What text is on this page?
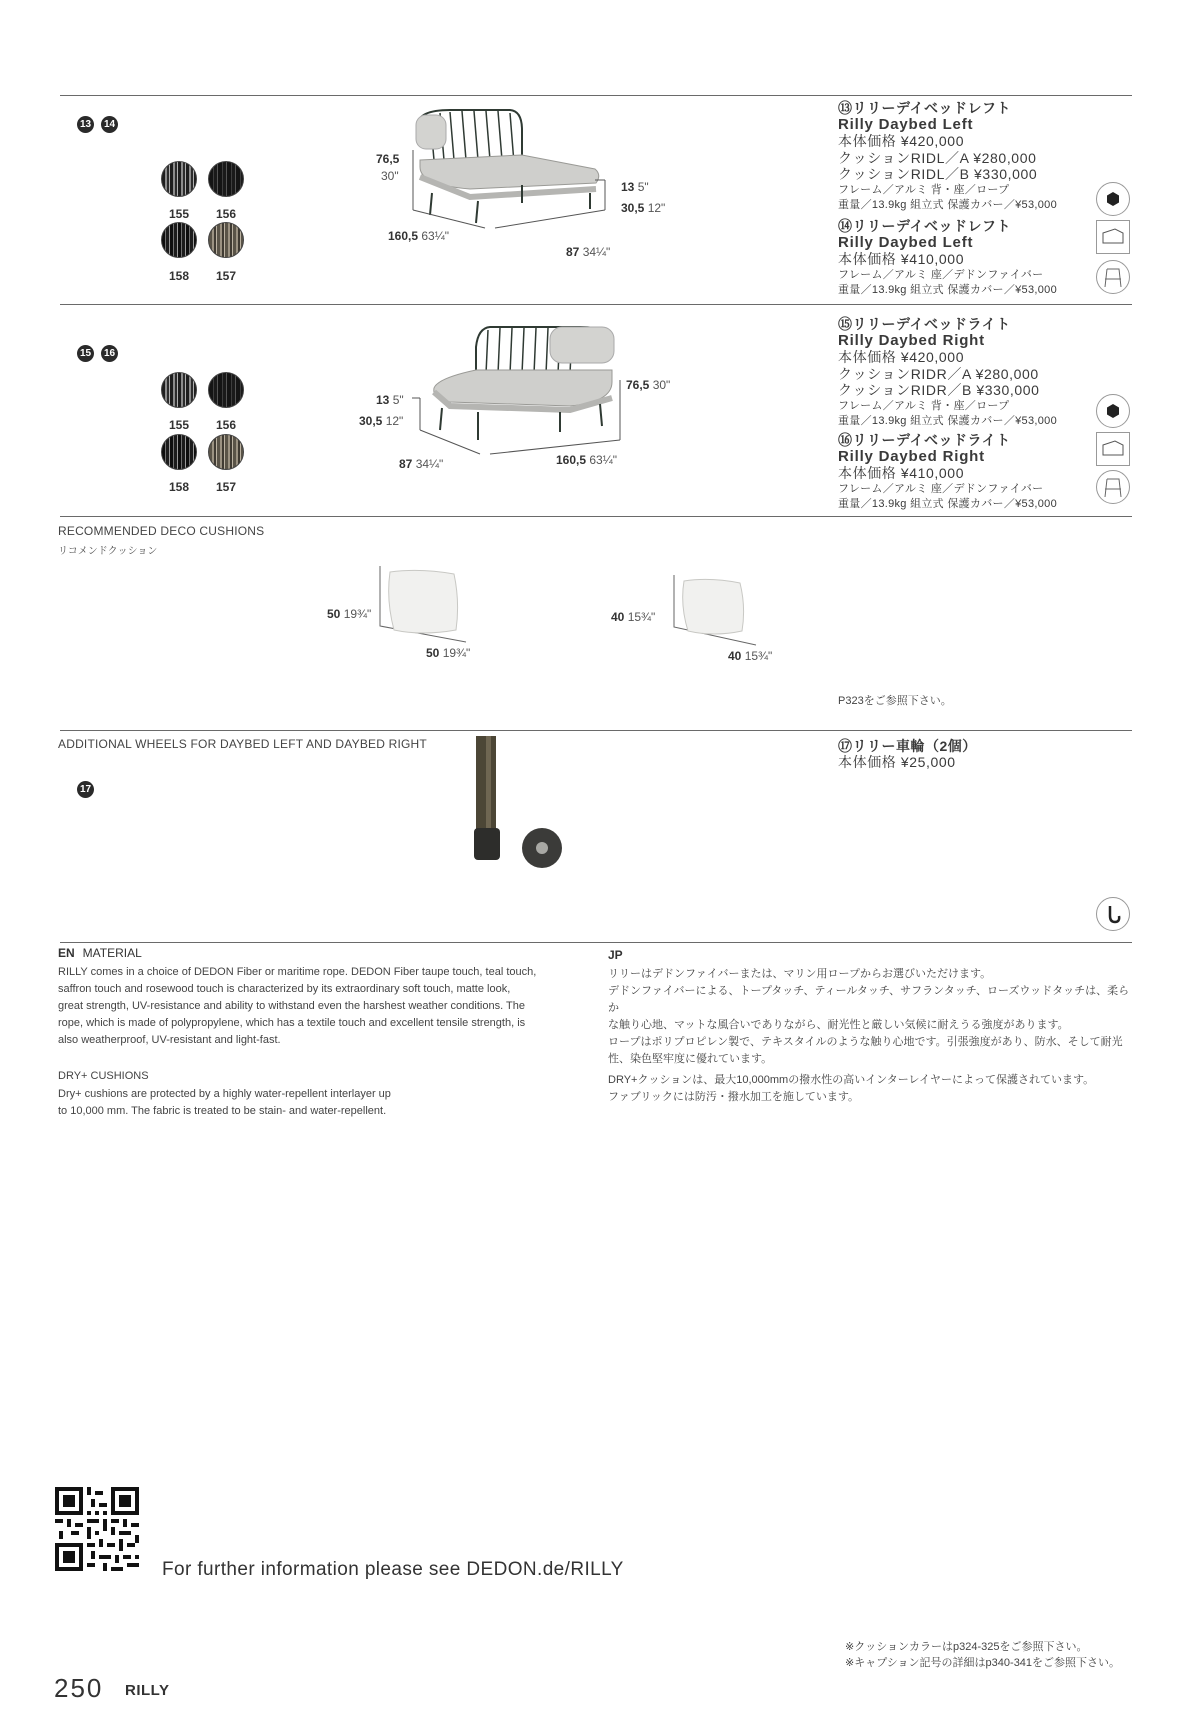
13 14
155	156
158	157
76,5
30"
13 5"
30,5 12"
160,5 63¼"
87 34¼"
⑬リリーデイベッドレフト
Rilly Daybed Left
本体価格 ¥420,000
クッションRIDL／A ¥280,000
クッションRIDL／B ¥330,000
フレーム／アルミ 背・座／ロープ
重量／13.9kg 組立式 保護カバー／¥53,000
⑭リリーデイベッドレフト
Rilly Daybed Left
本体価格 ¥410,000
フレーム／アルミ 座／デドンファイバー
重量／13.9kg 組立式 保護カバー／¥53,000
15 16
155	156
158	157
76,5 30"
13 5"
30,5 12"
87 34¼"	160,5 63¼"
⑮リリーデイベッドライト
Rilly Daybed Right
本体価格 ¥420,000
クッションRIDR／A ¥280,000
クッションRIDR／B ¥330,000
フレーム／アルミ 背・座／ロープ
重量／13.9kg 組立式 保護カバー／¥53,000
⑯リリーデイベッドライト
Rilly Daybed Right
本体価格 ¥410,000
フレーム／アルミ 座／デドンファイバー
重量／13.9kg 組立式 保護カバー／¥53,000
RECOMMENDED DECO CUSHIONS
リコメンドクッション
50 19¾"
50 19¾"
40 15¾"
40 15¾"
P323をご参照下さい。
ADDITIONAL WHEELS FOR DAYBED LEFT AND DAYBED RIGHT
17
⑰リリー車輪（2個）
本体価格 ¥25,000
EN MATERIAL

RILLY comes in a choice of DEDON Fiber or maritime rope. DEDON Fiber taupe touch, teal touch,

saffron touch and rosewood touch is characterized by its extraordinary soft touch, matte look,

great strength, UV-resistance and ability to withstand even the harshest weather conditions. The

rope, which is made of polypropylene, which has a textile touch and excellent tensile strength, is

also weatherproof, UV-resistant and light-fast.

DRY+ CUSHIONS

Dry+ cushions are protected by a highly water-repellent interlayer up

to 10,000 mm. The fabric is treated to be stain- and water-repellent.

JP

リリーはデドンファイバーまたは、マリン用ロープからお選びいただけます。

デドンファイバーによる、トープタッチ、ティールタッチ、サフランタッチ、ローズウッドタッチは、柔らか

な触り心地、マットな風合いでありながら、耐光性と厳しい気候に耐えうる強度があります。

ロープはポリプロピレン製で、テキスタイルのような触り心地です。引張強度があり、防水、そして耐光

性、染色堅牢度に優れています。

DRY+クッションは、最大10,000mmの撥水性の高いインターレイヤーによって保護されています。

ファブリックには防汚・撥水加工を施しています。

For further information please see DEDON.de/RILLY
※クッションカラーはp324-325をご参照下さい。
※キャプション記号の詳細はp340-341をご参照下さい。
250 RILLY
